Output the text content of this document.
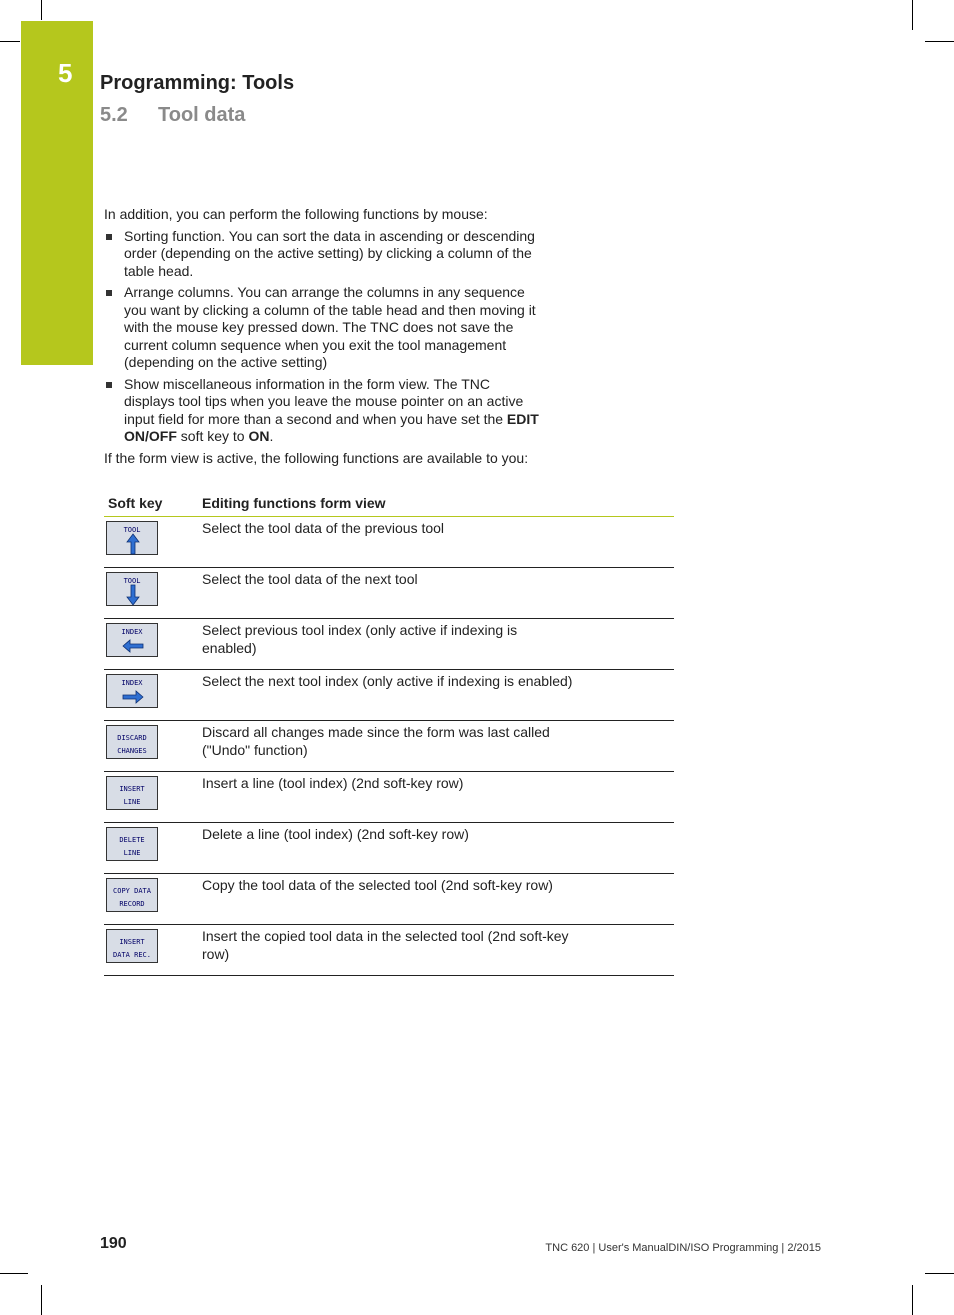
5 Programming: Tools
5.2 Tool data

In addition, you can perform the following functions by mouse:

Sorting function. You can sort the data in ascending or descending order (depending on the active setting) by clicking a column of the table head.
Arrange columns. You can arrange the columns in any sequence you want by clicking a column of the table head and then moving it with the mouse key pressed down. The TNC does not save the current column sequence when you exit the tool management (depending on the active setting)
Show miscellaneous information in the form view. The TNC displays tool tips when you leave the mouse pointer on an active input field for more than a second and when you have set the EDIT ON/OFF soft key to ON.

If the form view is active, the following functions are available to you:

Soft key	Editing functions form view

TOOL	Select the tool data of the previous tool

TOOL	Select the tool data of the next tool

INDEX	Select previous tool index (only active if indexing is enabled)

INDEX	Select the next tool index (only active if indexing is enabled)

DISCARD
CHANGES	Discard all changes made since the form was last called ("Undo" function)

INSERT
LINE	Insert a line (tool index) (2nd soft-key row)

DELETE
LINE	Delete a line (tool index) (2nd soft-key row)

COPY DATA
RECORD	Copy the tool data of the selected tool (2nd soft-key row)

INSERT
DATA REC.	Insert the copied tool data in the selected tool (2nd soft-key row)
190	TNC 620 | User's ManualDIN/ISO Programming | 2/2015
